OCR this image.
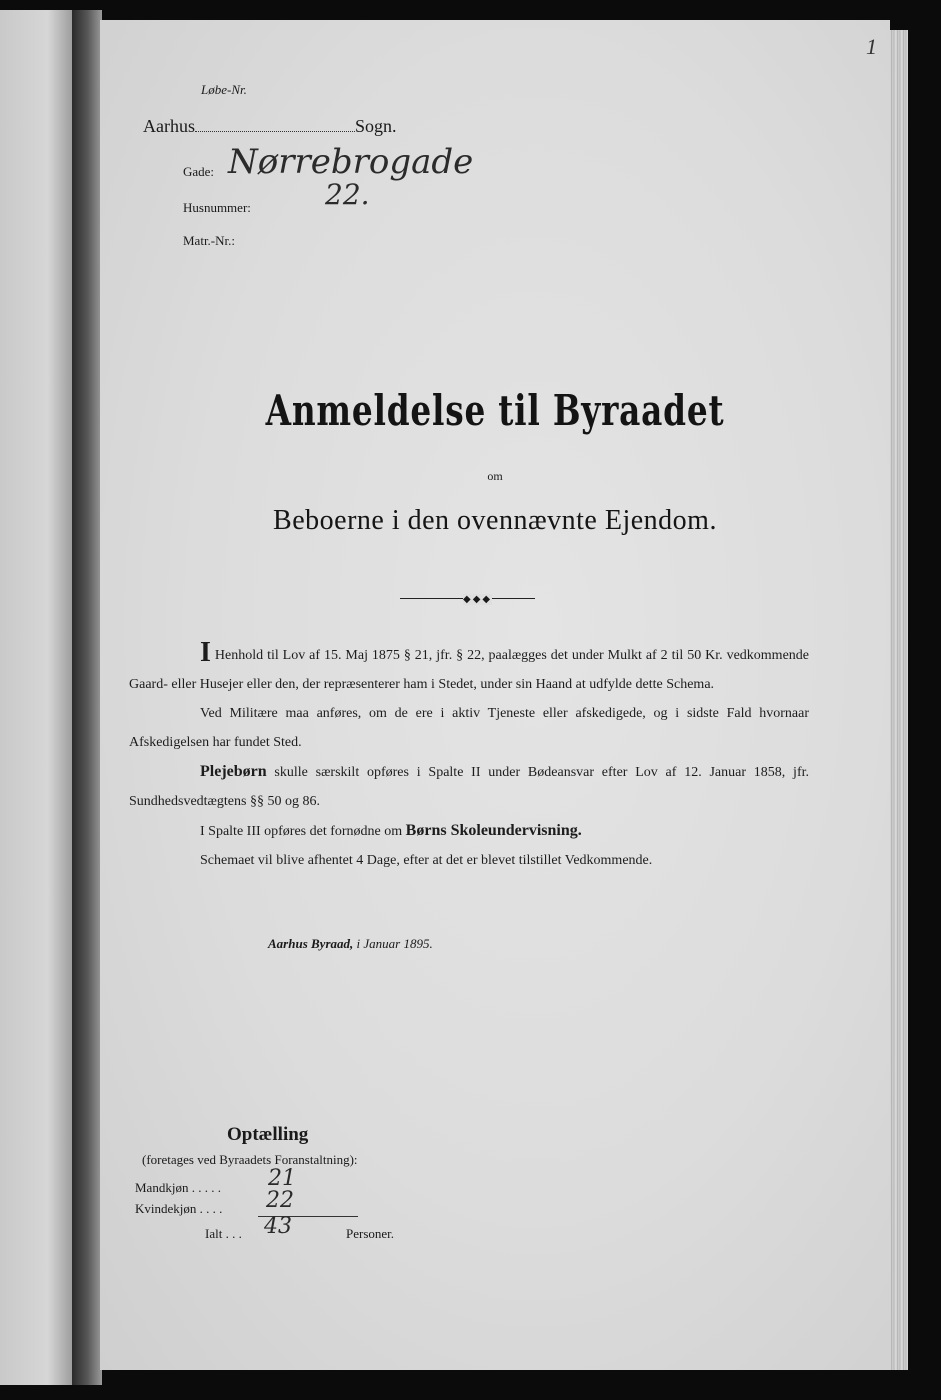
1
Løbe-Nr.
Aarhus	Sogn.
Gade: Nørrebrogade
Husnummer:	22.
Matr.-Nr.:
Anmeldelse til Byraadet
om
Beboerne i den ovennævnte Ejendom.
◆◆◆

I Henhold til Lov af 15. Maj 1875 § 21, jfr. § 22, paalægges det under Mulkt af 2 til 50 Kr. vedkommende Gaard- eller Husejer eller den, der repræsenterer ham i Stedet, under sin Haand at udfylde dette Schema.

Ved Militære maa anføres, om de ere i aktiv Tjeneste eller afskedigede, og i sidste Fald hvornaar Afskedigelsen har fundet Sted.

Plejebørn skulle særskilt opføres i Spalte II under Bødeansvar efter Lov af 12. Januar 1858, jfr. Sundhedsvedtægtens §§ 50 og 86.

I Spalte III opføres det fornødne om Børns Skoleundervisning.

Schemaet vil blive afhentet 4 Dage, efter at det er blevet tilstillet Vedkommende.

Aarhus Byraad, i Januar 1895.
Optælling
(foretages ved Byraadets Foranstaltning):
Mandkjøn . . . . . 21
Kvindekjøn . . . . 22
Ialt . . . 43	Personer.
